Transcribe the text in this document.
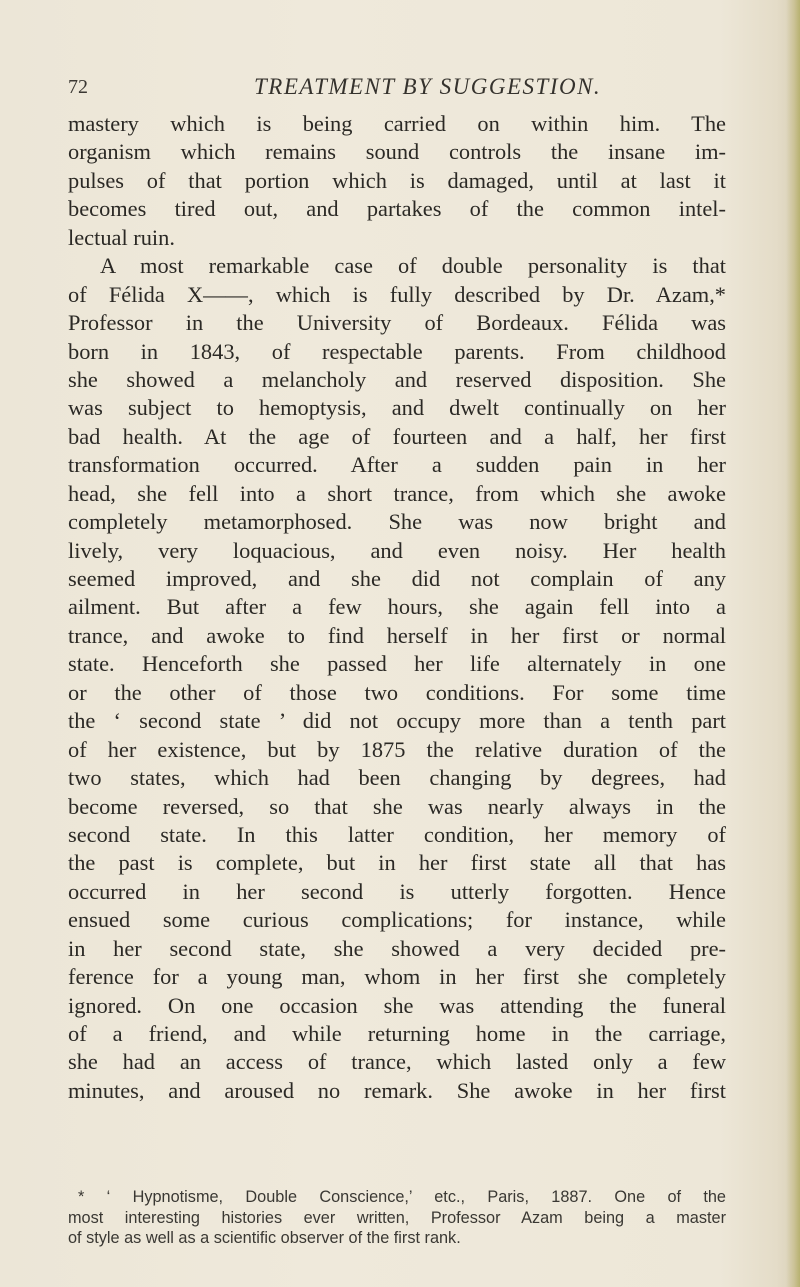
72	TREATMENT BY SUGGESTION.
mastery which is being carried on within him. The
organism which remains sound controls the insane im-
pulses of that portion which is damaged, until at last it
becomes tired out, and partakes of the common intel-
lectual ruin.
A most remarkable case of double personality is that
of Félida X——, which is fully described by Dr. Azam,*
Professor in the University of Bordeaux. Félida was
born in 1843, of respectable parents. From childhood
she showed a melancholy and reserved disposition. She
was subject to hemoptysis, and dwelt continually on her
bad health. At the age of fourteen and a half, her first
transformation occurred. After a sudden pain in her
head, she fell into a short trance, from which she awoke
completely metamorphosed. She was now bright and
lively, very loquacious, and even noisy. Her health
seemed improved, and she did not complain of any
ailment. But after a few hours, she again fell into a
trance, and awoke to find herself in her first or normal
state. Henceforth she passed her life alternately in one
or the other of those two conditions. For some time
the ‘ second state ’ did not occupy more than a tenth part
of her existence, but by 1875 the relative duration of the
two states, which had been changing by degrees, had
become reversed, so that she was nearly always in the
second state. In this latter condition, her memory of
the past is complete, but in her first state all that has
occurred in her second is utterly forgotten. Hence
ensued some curious complications; for instance, while
in her second state, she showed a very decided pre-
ference for a young man, whom in her first she completely
ignored. On one occasion she was attending the funeral
of a friend, and while returning home in the carriage,
she had an access of trance, which lasted only a few
minutes, and aroused no remark. She awoke in her first
* ‘ Hypnotisme, Double Conscience,’ etc., Paris, 1887. One of the
most interesting histories ever written, Professor Azam being a master
of style as well as a scientific observer of the first rank.
